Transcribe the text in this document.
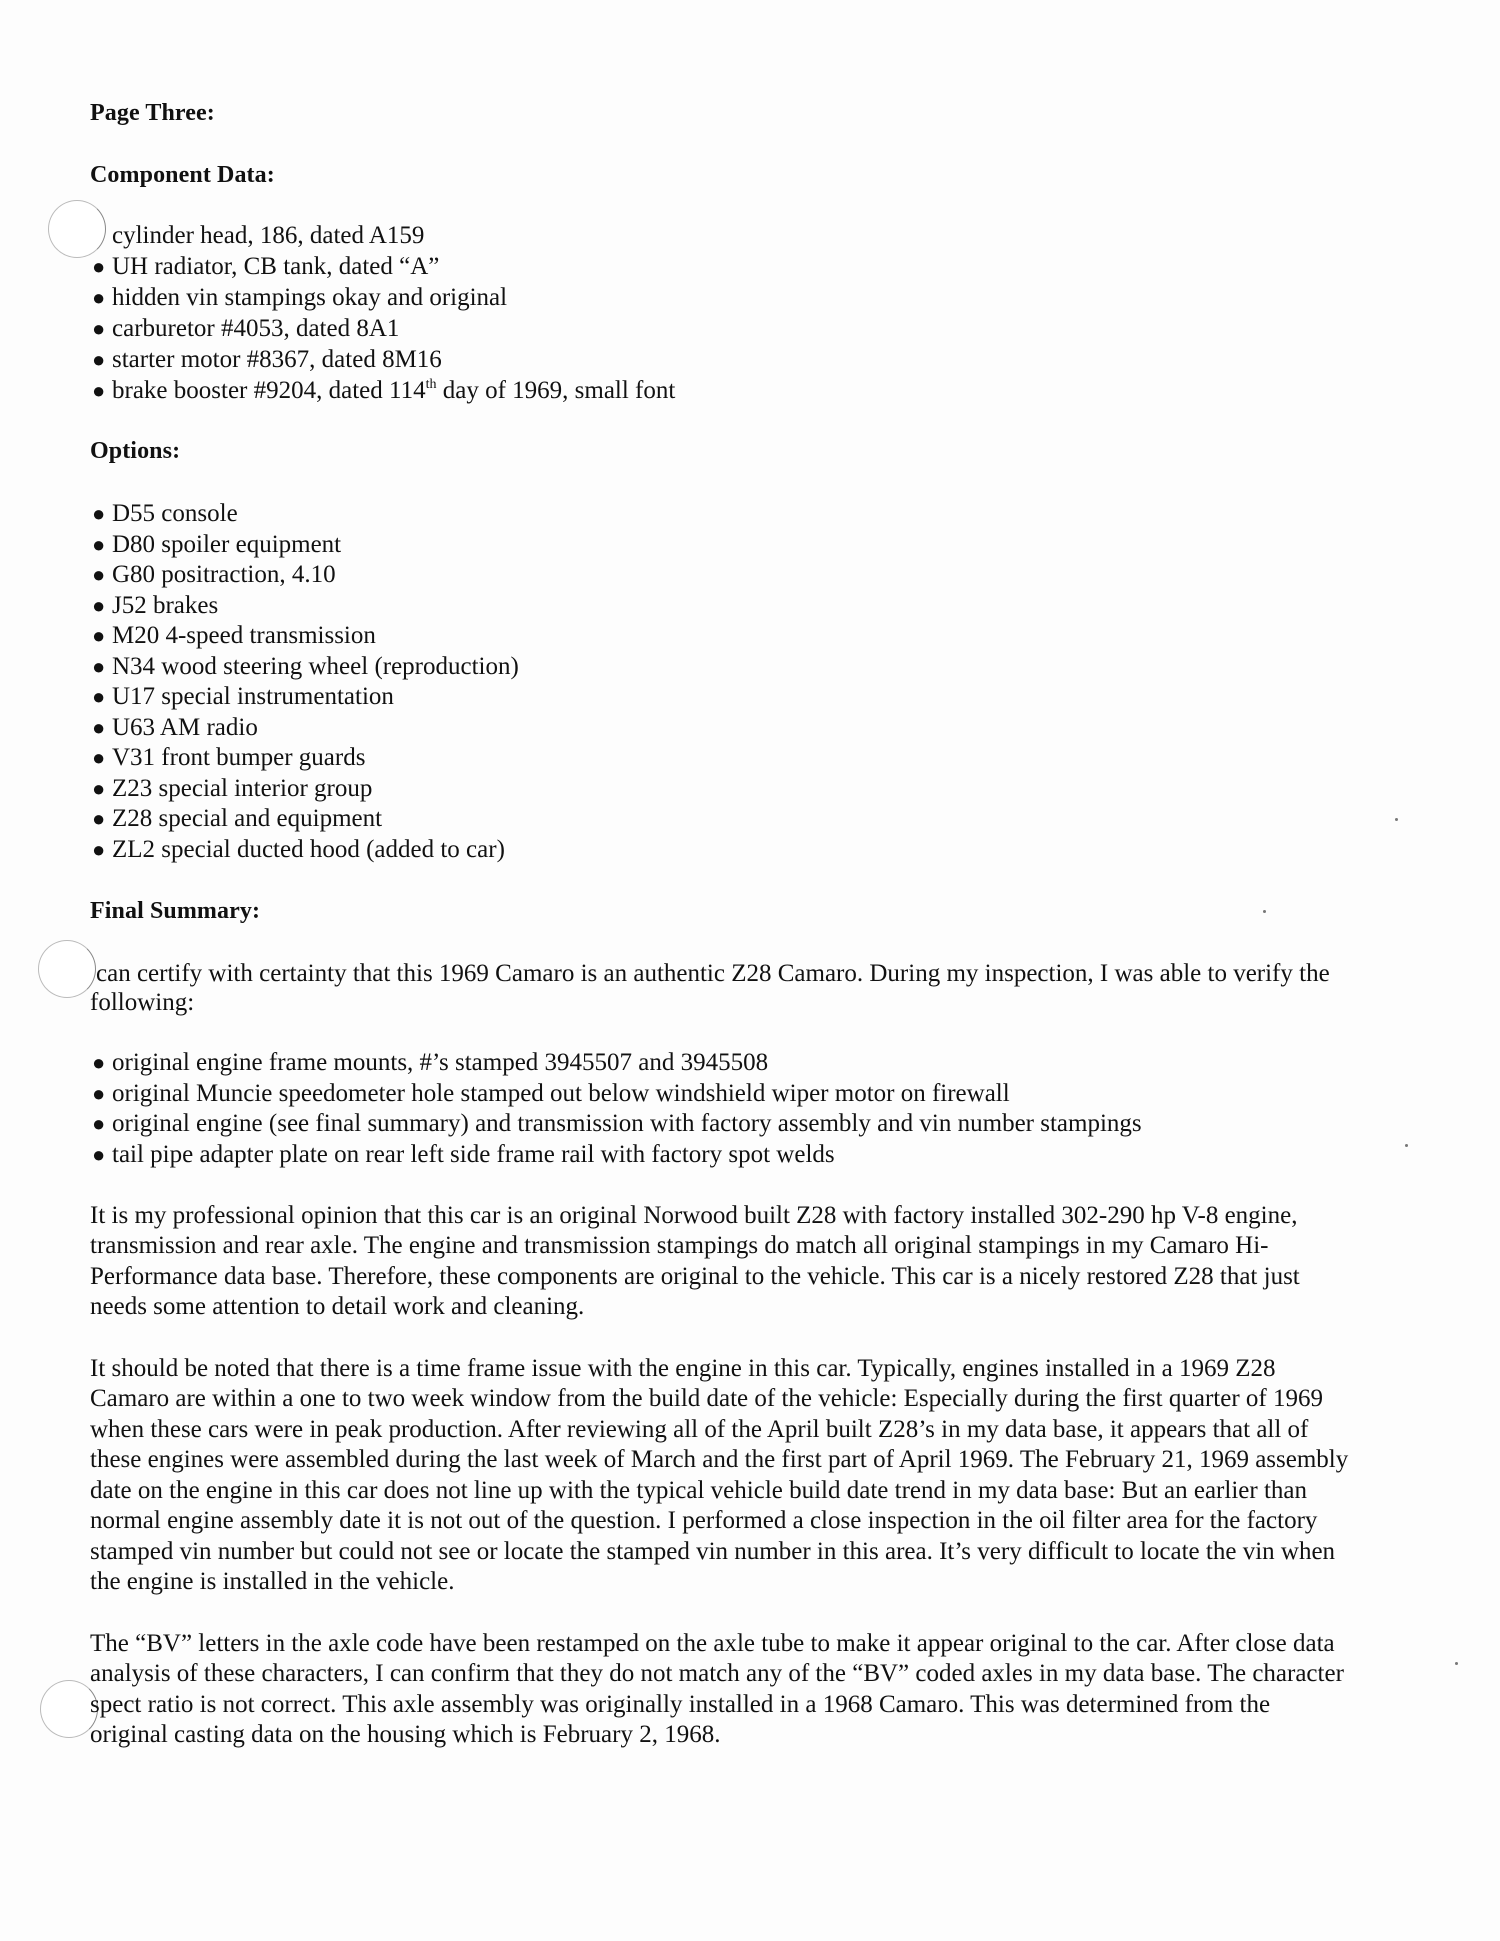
Page Three:
Component Data:
cylinder head, 186, dated A159
● UH radiator, CB tank, dated “A”
● hidden vin stampings okay and original
● carburetor #4053, dated 8A1
● starter motor #8367, dated 8M16
● brake booster #9204, dated 114th day of 1969, small font
Options:
● D55 console
● D80 spoiler equipment
● G80 positraction, 4.10
● J52 brakes
● M20 4-speed transmission
● N34 wood steering wheel (reproduction)
● U17 special instrumentation
● U63 AM radio
● V31 front bumper guards
● Z23 special interior group
● Z28 special and equipment
● ZL2 special ducted hood (added to car)
Final Summary:
can certify with certainty that this 1969 Camaro is an authentic Z28 Camaro. During my inspection, I was able to verify the
following:
● original engine frame mounts, #’s stamped 3945507 and 3945508
● original Muncie speedometer hole stamped out below windshield wiper motor on firewall
● original engine (see final summary) and transmission with factory assembly and vin number stampings
● tail pipe adapter plate on rear left side frame rail with factory spot welds
It is my professional opinion that this car is an original Norwood built Z28 with factory installed 302-290 hp V-8 engine,
transmission and rear axle. The engine and transmission stampings do match all original stampings in my Camaro Hi-
Performance data base. Therefore, these components are original to the vehicle. This car is a nicely restored Z28 that just
needs some attention to detail work and cleaning.
It should be noted that there is a time frame issue with the engine in this car. Typically, engines installed in a 1969 Z28
Camaro are within a one to two week window from the build date of the vehicle: Especially during the first quarter of 1969
when these cars were in peak production. After reviewing all of the April built Z28’s in my data base, it appears that all of
these engines were assembled during the last week of March and the first part of April 1969. The February 21, 1969 assembly
date on the engine in this car does not line up with the typical vehicle build date trend in my data base: But an earlier than
normal engine assembly date it is not out of the question. I performed a close inspection in the oil filter area for the factory
stamped vin number but could not see or locate the stamped vin number in this area. It’s very difficult to locate the vin when
the engine is installed in the vehicle.
The “BV” letters in the axle code have been restamped on the axle tube to make it appear original to the car. After close data
analysis of these characters, I can confirm that they do not match any of the “BV” coded axles in my data base. The character
spect ratio is not correct. This axle assembly was originally installed in a 1968 Camaro. This was determined from the
original casting data on the housing which is February 2, 1968.
